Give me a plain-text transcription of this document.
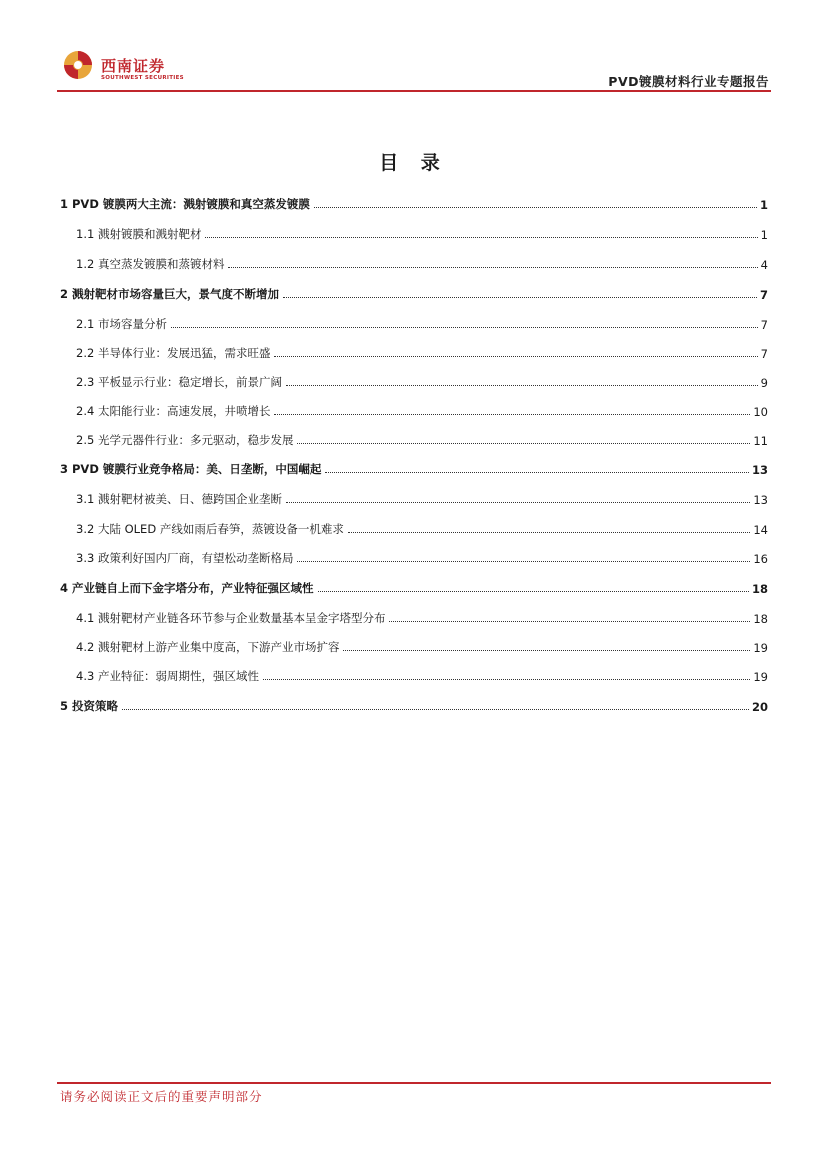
西南证券
SOUTHWEST SECURITIES	PVD镀膜材料行业专题报告
目 录
1 PVD 镀膜两大主流：溅射镀膜和真空蒸发镀膜	1
1.1 溅射镀膜和溅射靶材	1
1.2 真空蒸发镀膜和蒸镀材料	4
2 溅射靶材市场容量巨大，景气度不断增加	7
2.1 市场容量分析	7
2.2 半导体行业：发展迅猛，需求旺盛	7
2.3 平板显示行业：稳定增长，前景广阔	9
2.4 太阳能行业：高速发展，井喷增长	10
2.5 光学元器件行业：多元驱动，稳步发展	11
3 PVD 镀膜行业竞争格局：美、日垄断，中国崛起	13
3.1 溅射靶材被美、日、德跨国企业垄断	13
3.2 大陆 OLED 产线如雨后春笋，蒸镀设备一机难求	14
3.3 政策利好国内厂商，有望松动垄断格局	16
4 产业链自上而下金字塔分布，产业特征强区域性	18
4.1 溅射靶材产业链各环节参与企业数量基本呈金字塔型分布	18
4.2 溅射靶材上游产业集中度高，下游产业市场扩容	19
4.3 产业特征：弱周期性，强区域性	19
5 投资策略	20
请务必阅读正文后的重要声明部分
